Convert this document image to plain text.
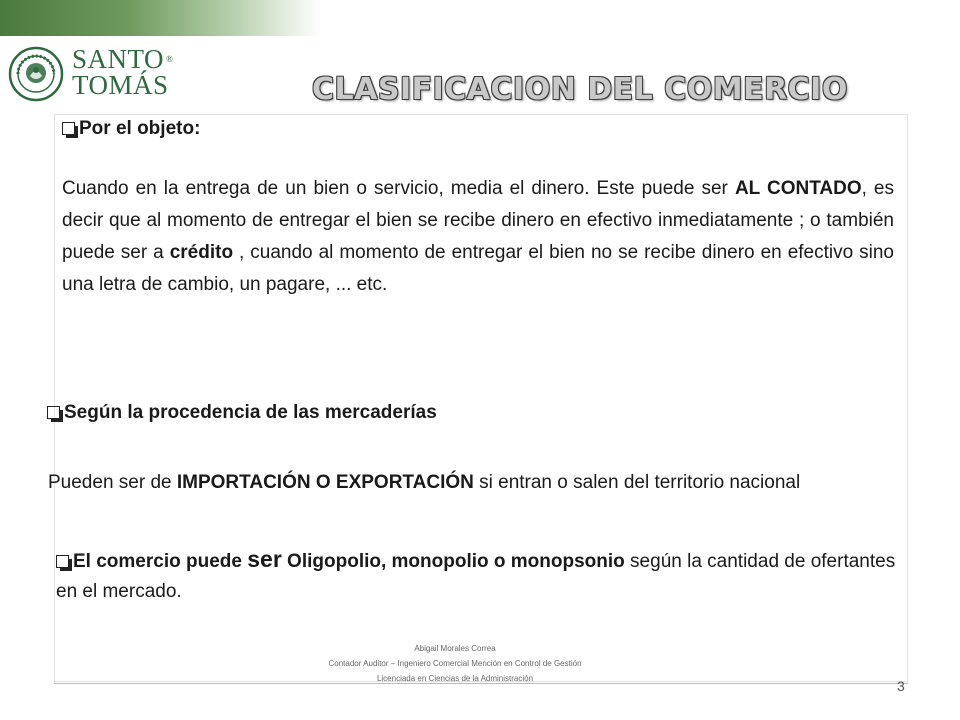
SANTO ®
TOMÁS	CLASIFICACION DEL COMERCIO
Por el objeto:

Cuando en la entrega de un bien o servicio, media el dinero. Este puede ser AL CONTADO, es decir que al momento de entregar el bien se recibe dinero en efectivo inmediatamente ; o también puede ser a crédito , cuando al momento de entregar el bien no se recibe dinero en efectivo sino una letra de cambio, un pagare, ... etc.

Según la procedencia de las mercaderías

Pueden ser de IMPORTACIÓN O EXPORTACIÓN si entran o salen del territorio nacional

El comercio puede ser Oligopolio, monopolio o monopsonio según la cantidad de ofertantes en el mercado.

Abigail Morales Correa
Contador Auditor – Ingeniero Comercial Mención en Control de Gestión
Licenciada en Ciencias de la Administración	3
